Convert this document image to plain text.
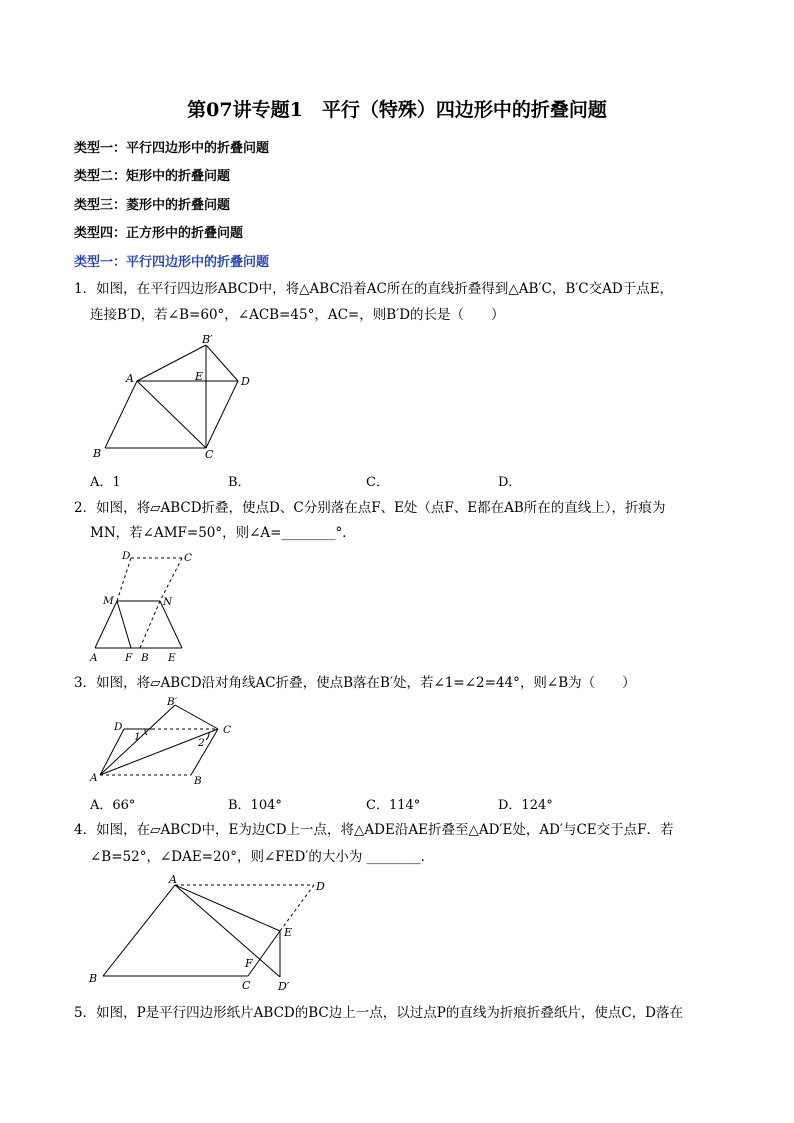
第07讲专题1　平行（特殊）四边形中的折叠问题
类型一：平行四边形中的折叠问题
类型二：矩形中的折叠问题
类型三：菱形中的折叠问题
类型四：正方形中的折叠问题
类型一：平行四边形中的折叠问题
1．如图，在平行四边形ABCD中，将△ABC沿着AC所在的直线折叠得到△AB′C，B′C交AD于点E，
连接B′D，若∠B=60°，∠ACB=45°，AC=，则B′D的长是（　　）
A
B	C
D
E
B′
A．1	B．	C．	D．
2．如图，将▱ABCD折叠，使点D、C分别落在点F、E处（点F、E都在AB所在的直线上），折痕为
MN，若∠AMF=50°，则∠A=________°．
D	C
M	N
A	F B E
3．如图，将▱ABCD沿对角线AC折叠，使点B落在B′处，若∠1=∠2=44°，则∠B为（　　）
B′
D	C
A	B
1	2
A．66°	B．104°	C．114°	D．124°
4．如图，在▱ABCD中，E为边CD上一点，将△ADE沿AE折叠至△AD′E处，AD′与CE交于点F．若
∠B=52°，∠DAE=20°，则∠FED′的大小为 ________．
A
D
E
B
C
F
D′
5．如图，P是平行四边形纸片ABCD的BC边上一点，以过点P的直线为折痕折叠纸片，使点C，D落在
